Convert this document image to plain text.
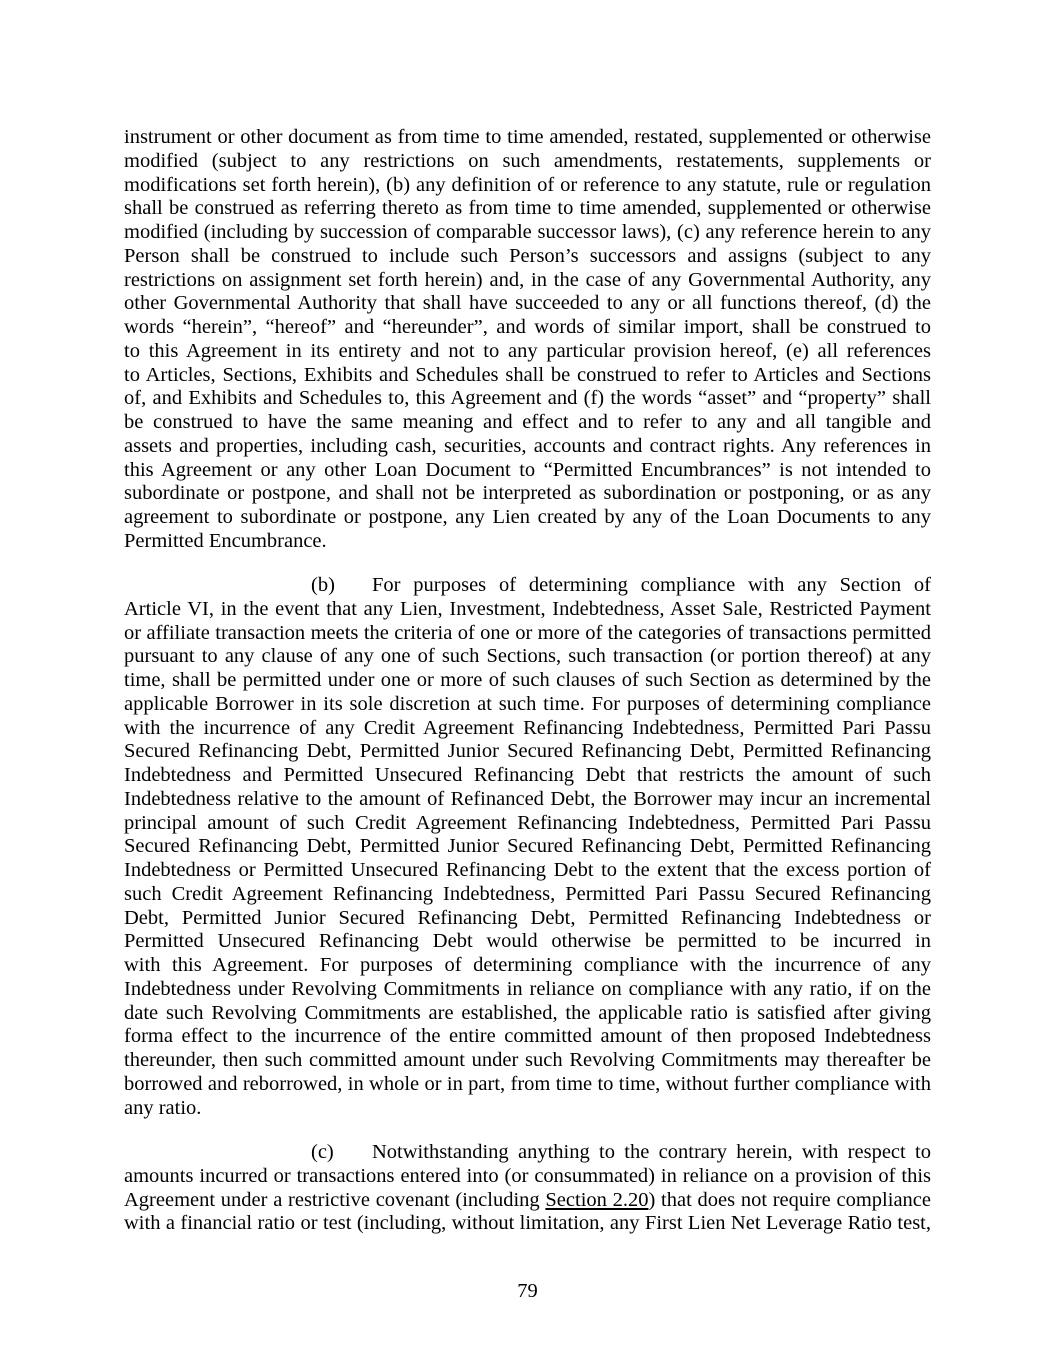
instrument or other document as from time to time amended, restated, supplemented or otherwise
modified (subject to any restrictions on such amendments, restatements, supplements or
modifications set forth herein), (b) any definition of or reference to any statute, rule or regulation
shall be construed as referring thereto as from time to time amended, supplemented or otherwise
modified (including by succession of comparable successor laws), (c) any reference herein to any
Person shall be construed to include such Person’s successors and assigns (subject to any
restrictions on assignment set forth herein) and, in the case of any Governmental Authority, any
other Governmental Authority that shall have succeeded to any or all functions thereof, (d) the
words “herein”, “hereof” and “hereunder”, and words of similar import, shall be construed to
to this Agreement in its entirety and not to any particular provision hereof, (e) all references
to Articles, Sections, Exhibits and Schedules shall be construed to refer to Articles and Sections
of, and Exhibits and Schedules to, this Agreement and (f) the words “asset” and “property” shall
be construed to have the same meaning and effect and to refer to any and all tangible and
assets and properties, including cash, securities, accounts and contract rights. Any references in
this Agreement or any other Loan Document to “Permitted Encumbrances” is not intended to
subordinate or postpone, and shall not be interpreted as subordination or postponing, or as any
agreement to subordinate or postpone, any Lien created by any of the Loan Documents to any
Permitted Encumbrance.
(b) For purposes of determining compliance with any Section of
Article VI, in the event that any Lien, Investment, Indebtedness, Asset Sale, Restricted Payment
or affiliate transaction meets the criteria of one or more of the categories of transactions permitted
pursuant to any clause of any one of such Sections, such transaction (or portion thereof) at any
time, shall be permitted under one or more of such clauses of such Section as determined by the
applicable Borrower in its sole discretion at such time. For purposes of determining compliance
with the incurrence of any Credit Agreement Refinancing Indebtedness, Permitted Pari Passu
Secured Refinancing Debt, Permitted Junior Secured Refinancing Debt, Permitted Refinancing
Indebtedness and Permitted Unsecured Refinancing Debt that restricts the amount of such
Indebtedness relative to the amount of Refinanced Debt, the Borrower may incur an incremental
principal amount of such Credit Agreement Refinancing Indebtedness, Permitted Pari Passu
Secured Refinancing Debt, Permitted Junior Secured Refinancing Debt, Permitted Refinancing
Indebtedness or Permitted Unsecured Refinancing Debt to the extent that the excess portion of
such Credit Agreement Refinancing Indebtedness, Permitted Pari Passu Secured Refinancing
Debt, Permitted Junior Secured Refinancing Debt, Permitted Refinancing Indebtedness or
Permitted Unsecured Refinancing Debt would otherwise be permitted to be incurred in
with this Agreement. For purposes of determining compliance with the incurrence of any
Indebtedness under Revolving Commitments in reliance on compliance with any ratio, if on the
date such Revolving Commitments are established, the applicable ratio is satisfied after giving
forma effect to the incurrence of the entire committed amount of then proposed Indebtedness
thereunder, then such committed amount under such Revolving Commitments may thereafter be
borrowed and reborrowed, in whole or in part, from time to time, without further compliance with
any ratio.
(c) Notwithstanding anything to the contrary herein, with respect to
amounts incurred or transactions entered into (or consummated) in reliance on a provision of this
Agreement under a restrictive covenant (including Section 2.20) that does not require compliance
with a financial ratio or test (including, without limitation, any First Lien Net Leverage Ratio test,
79
